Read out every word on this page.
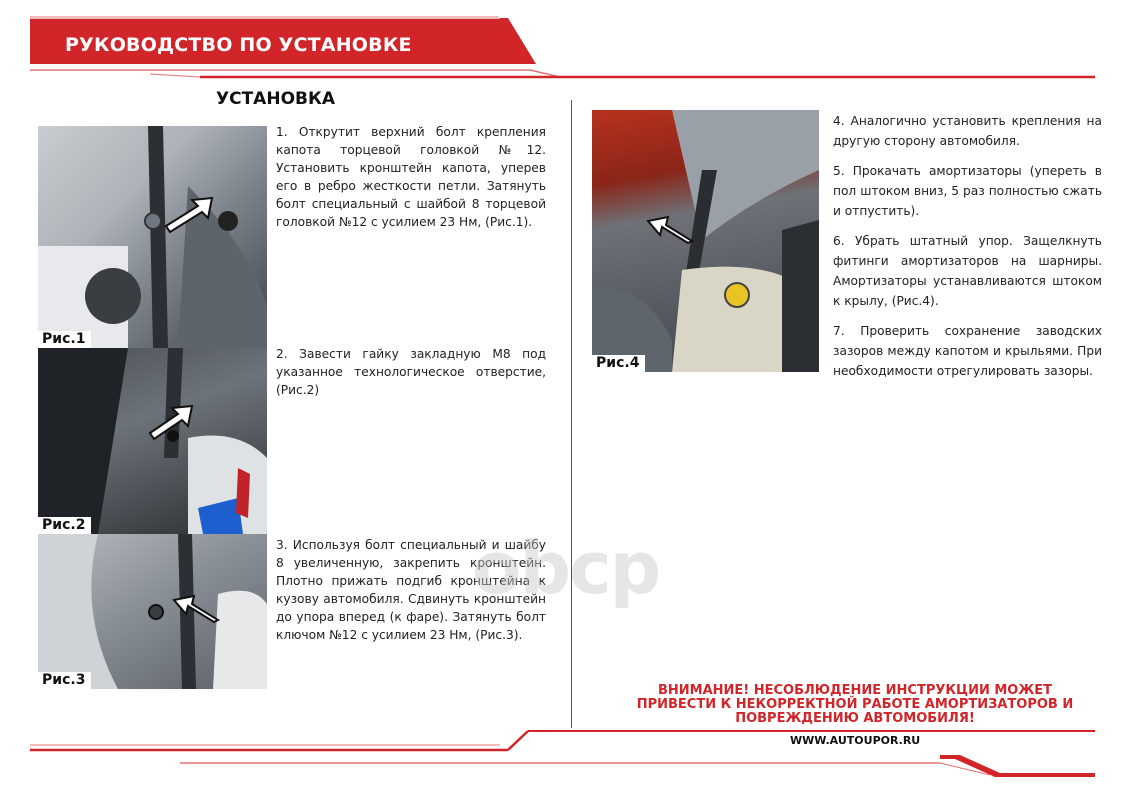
РУКОВОДСТВО ПО УСТАНОВКЕ
УСТАНОВКА
Рис.1
Рис.2
Рис.3
1. Открутит верхний болт крепления капота торцевой головкой №12. Установить кронштейн капота, уперев его в ребро жесткости петли. Затянуть болт специальный с шайбой 8 торцевой головкой №12 с усилием 23 Нм, (Рис.1).
2. Завести гайку закладную М8 под указанное технологическое отверстие, (Рис.2)
3. Используя болт специальный и шайбу 8 увеличенную, закрепить кронштейн. Плотно прижать подгиб кронштейна к кузову автомобиля. Сдвинуть кронштейн до упора вперед (к фаре). Затянуть болт ключом №12 с усилием 23 Нм, (Рис.3).
Рис.4
4. Аналогично установить крепления на другую сторону автомобиля.
5. Прокачать амортизаторы (упереть в пол штоком вниз, 5 раз полностью сжать и отпустить).
6. Убрать штатный упор. Защелкнуть фитинги амортизаторов на шарниры. Амортизаторы устанавливаются штоком к крылу, (Рис.4).
7. Проверить сохранение заводских зазоров между капотом и крыльями. При необходимости отрегулировать зазоры.
obcp
ВНИМАНИЕ! НЕСОБЛЮДЕНИЕ ИНСТРУКЦИИ МОЖЕТ ПРИВЕСТИ К НЕКОРРЕКТНОЙ РАБОТЕ АМОРТИЗАТОРОВ И ПОВРЕЖДЕНИЮ АВТОМОБИЛЯ!
WWW.AUTOUPOR.RU
